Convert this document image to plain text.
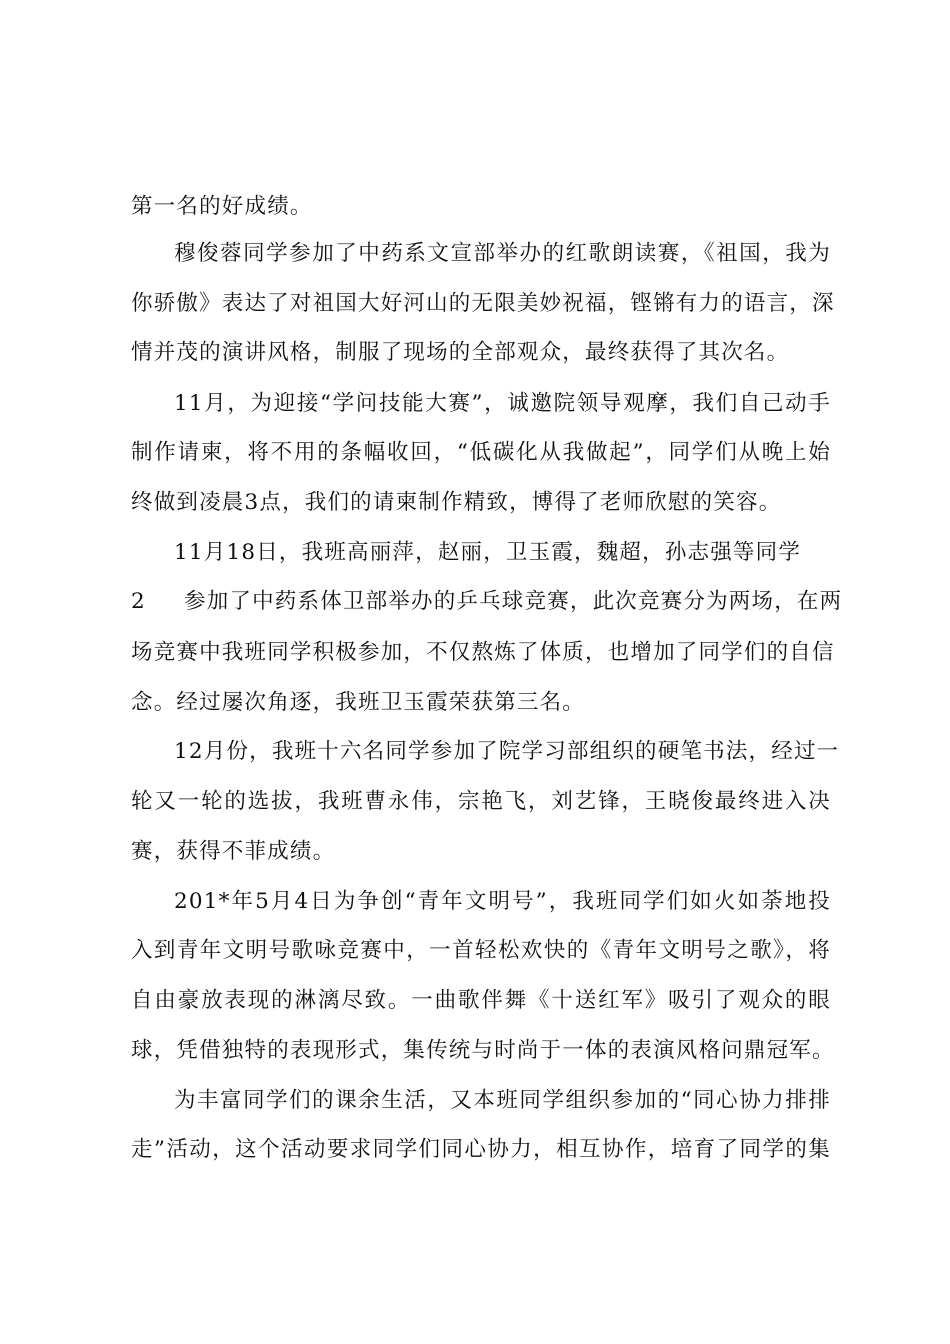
第一名的好成绩。
穆俊蓉同学参加了中药系文宣部举办的红歌朗读赛，《祖国，我为
你骄傲》表达了对祖国大好河山的无限美妙祝福，铿锵有力的语言，深
情并茂的演讲风格，制服了现场的全部观众，最终获得了其次名。
11月，为迎接“学问技能大赛”，诚邀院领导观摩，我们自己动手
制作请柬，将不用的条幅收回，“低碳化从我做起”，同学们从晚上始
终做到凌晨3点，我们的请柬制作精致，博得了老师欣慰的笑容。
11月18日，我班高丽萍，赵丽，卫玉霞，魏超，孙志强等同学
2 参加了中药系体卫部举办的乒乓球竞赛，此次竞赛分为两场，在两
场竞赛中我班同学积极参加，不仅熬炼了体质，也增加了同学们的自信
念。经过屡次角逐，我班卫玉霞荣获第三名。
12月份，我班十六名同学参加了院学习部组织的硬笔书法，经过一
轮又一轮的选拔，我班曹永伟，宗艳飞，刘艺锋，王晓俊最终进入决
赛，获得不菲成绩。
201*年5月4日为争创“青年文明号”，我班同学们如火如荼地投
入到青年文明号歌咏竞赛中，一首轻松欢快的《青年文明号之歌》，将
自由豪放表现的淋漓尽致。一曲歌伴舞《十送红军》吸引了观众的眼
球，凭借独特的表现形式，集传统与时尚于一体的表演风格问鼎冠军。
为丰富同学们的课余生活，又本班同学组织参加的“同心协力排排
走”活动，这个活动要求同学们同心协力，相互协作，培育了同学的集
